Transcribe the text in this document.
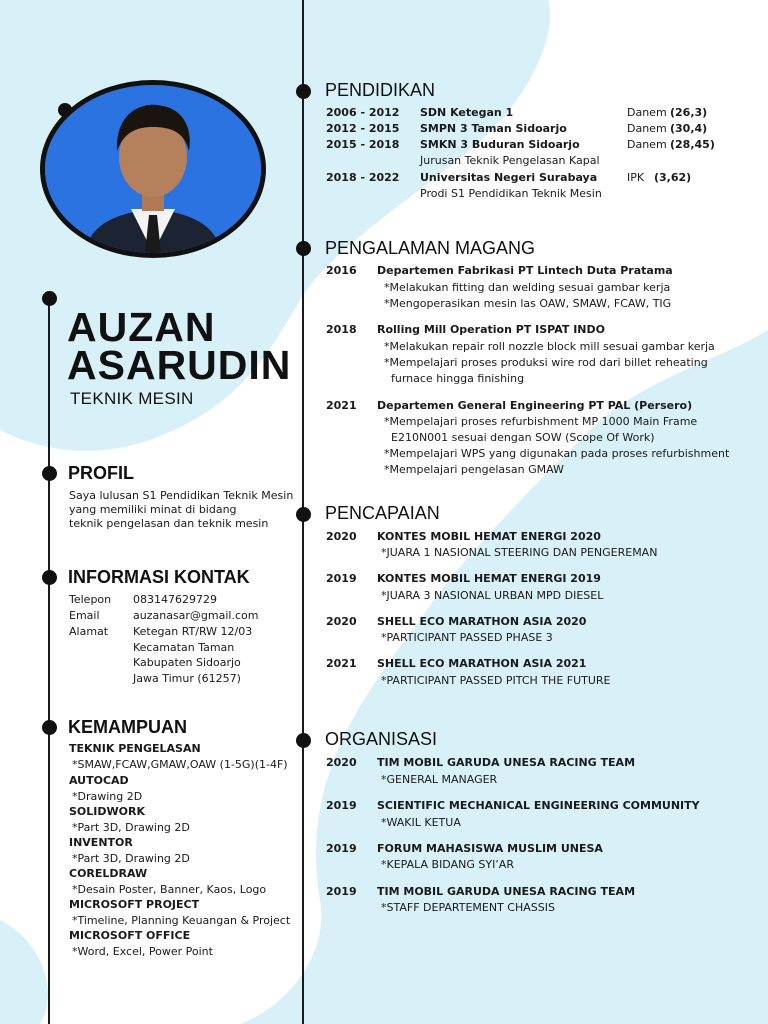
AUZAN
ASARUDIN
TEKNIK MESIN
PROFIL
Saya lulusan S1 Pendidikan Teknik Mesin
yang memiliki minat di bidang
teknik pengelasan dan teknik mesin
INFORMASI KONTAK
Telepon 083147629729
Email	auzanasar@gmail.com
Alamat Ketegan RT/RW 12/03
Kecamatan Taman
Kabupaten Sidoarjo
Jawa Timur (61257)
KEMAMPUAN
TEKNIK PENGELASAN
*SMAW,FCAW,GMAW,OAW (1-5G)(1-4F)
AUTOCAD
*Drawing 2D
SOLIDWORK
*Part 3D, Drawing 2D
INVENTOR
*Part 3D, Drawing 2D
CORELDRAW
*Desain Poster, Banner, Kaos, Logo
MICROSOFT PROJECT
*Timeline, Planning Keuangan & Project
MICROSOFT OFFICE
*Word, Excel, Power Point
PENDIDIKAN
2006 - 2012 SDN Ketegan 1	Danem (26,3)
2012 - 2015 SMPN 3 Taman Sidoarjo	Danem (30,4)
2015 - 2018 SMKN 3 Buduran Sidoarjo	Danem (28,45)
Jurusan Teknik Pengelasan Kapal
2018 - 2022 Universitas Negeri Surabaya	IPK (3,62)
Prodi S1 Pendidikan Teknik Mesin
PENGALAMAN MAGANG
2016 Departemen Fabrikasi PT Lintech Duta Pratama
*Melakukan fitting dan welding sesuai gambar kerja
*Mengoperasikan mesin las OAW, SMAW, FCAW, TIG
2018 Rolling Mill Operation PT ISPAT INDO
*Melakukan repair roll nozzle block mill sesuai gambar kerja
*Mempelajari proses produksi wire rod dari billet reheating
furnace hingga finishing
2021 Departemen General Engineering PT PAL (Persero)
*Mempelajari proses refurbishment MP 1000 Main Frame
E210N001 sesuai dengan SOW (Scope Of Work)
*Mempelajari WPS yang digunakan pada proses refurbishment
*Mempelajari pengelasan GMAW
PENCAPAIAN
2020 KONTES MOBIL HEMAT ENERGI 2020
*JUARA 1 NASIONAL STEERING DAN PENGEREMAN
2019 KONTES MOBIL HEMAT ENERGI 2019
*JUARA 3 NASIONAL URBAN MPD DIESEL
2020 SHELL ECO MARATHON ASIA 2020
*PARTICIPANT PASSED PHASE 3
2021 SHELL ECO MARATHON ASIA 2021
*PARTICIPANT PASSED PITCH THE FUTURE
ORGANISASI
2020 TIM MOBIL GARUDA UNESA RACING TEAM
*GENERAL MANAGER
2019 SCIENTIFIC MECHANICAL ENGINEERING COMMUNITY
*WAKIL KETUA
2019 FORUM MAHASISWA MUSLIM UNESA
*KEPALA BIDANG SYI’AR
2019 TIM MOBIL GARUDA UNESA RACING TEAM
*STAFF DEPARTEMENT CHASSIS
